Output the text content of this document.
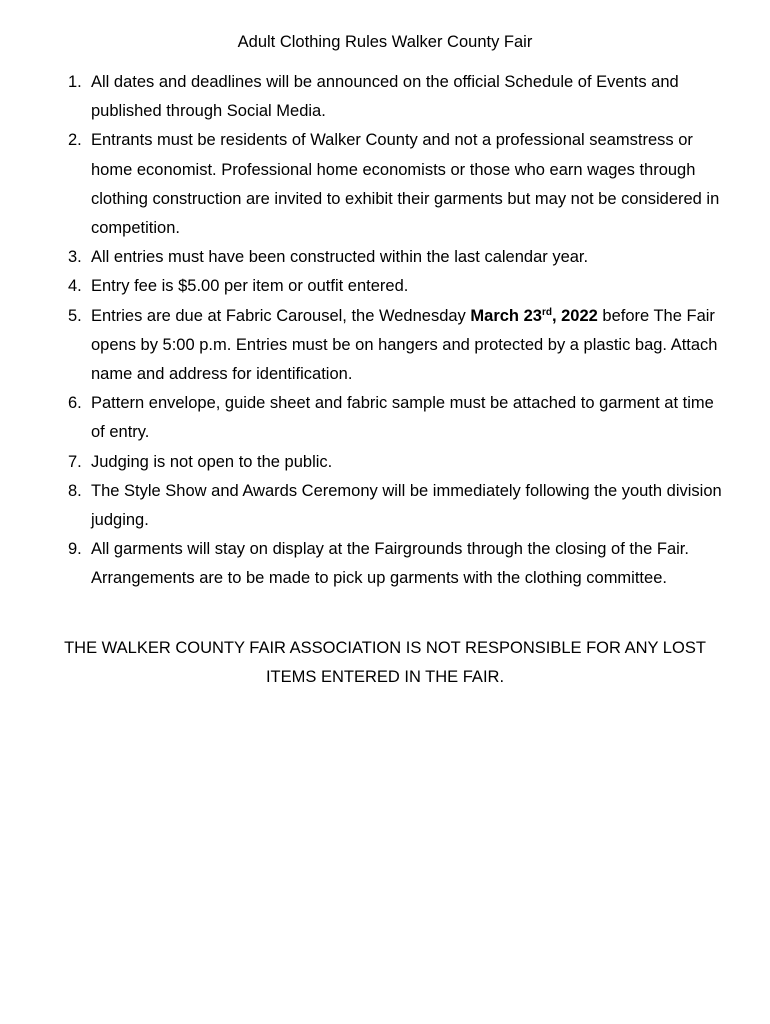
Adult Clothing Rules Walker County Fair
1. All dates and deadlines will be announced on the official Schedule of Events and published through Social Media.
2. Entrants must be residents of Walker County and not a professional seamstress or home economist. Professional home economists or those who earn wages through clothing construction are invited to exhibit their garments but may not be considered in competition.
3. All entries must have been constructed within the last calendar year.
4. Entry fee is $5.00 per item or outfit entered.
5. Entries are due at Fabric Carousel, the Wednesday March 23rd, 2022 before The Fair opens by 5:00 p.m. Entries must be on hangers and protected by a plastic bag. Attach name and address for identification.
6. Pattern envelope, guide sheet and fabric sample must be attached to garment at time of entry.
7. Judging is not open to the public.
8. The Style Show and Awards Ceremony will be immediately following the youth division judging.
9. All garments will stay on display at the Fairgrounds through the closing of the Fair. Arrangements are to be made to pick up garments with the clothing committee.
THE WALKER COUNTY FAIR ASSOCIATION IS NOT RESPONSIBLE FOR ANY LOST ITEMS ENTERED IN THE FAIR.
